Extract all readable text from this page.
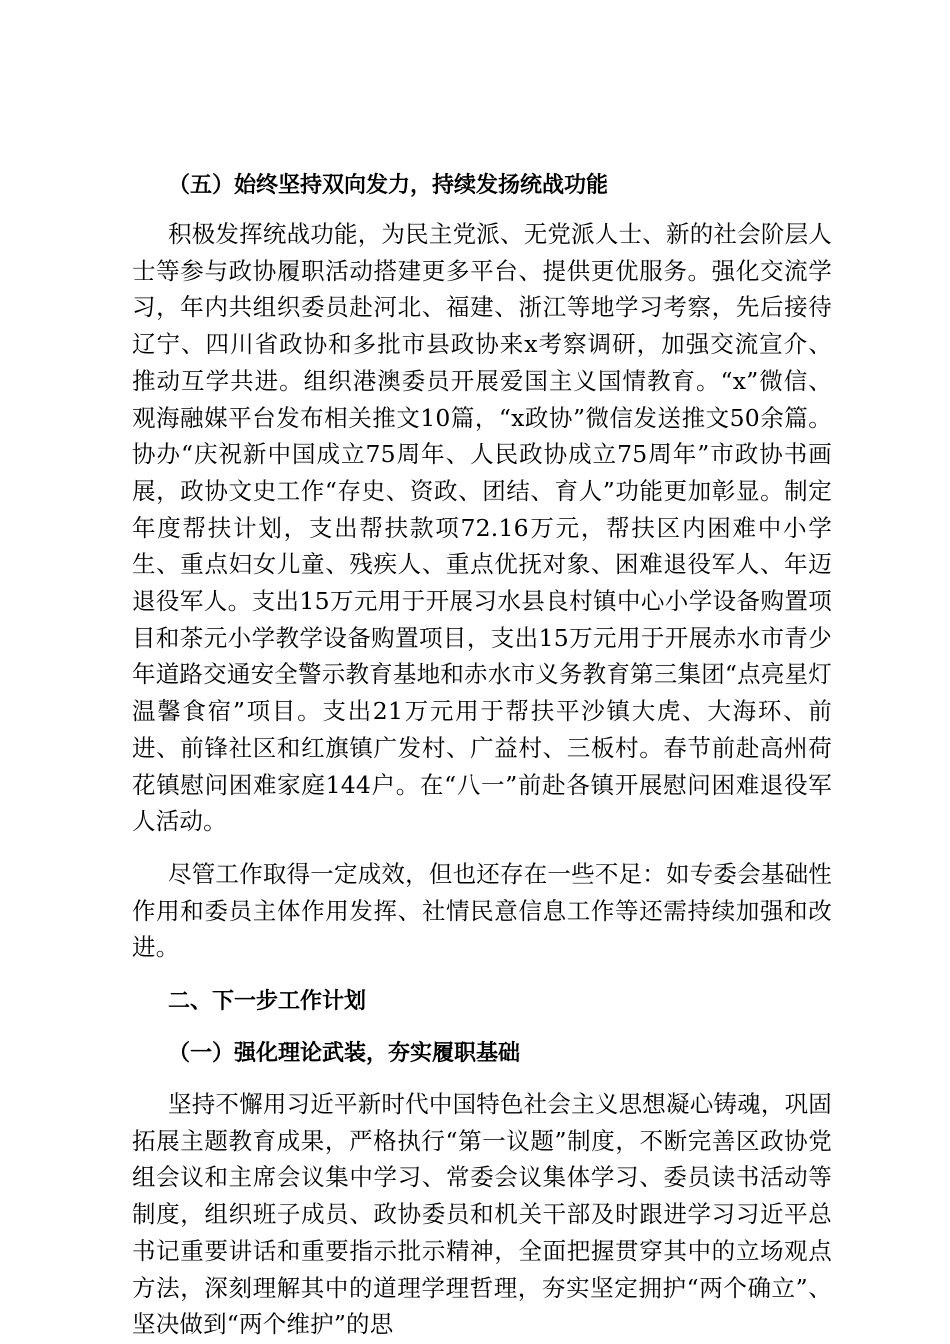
（五）始终坚持双向发力，持续发扬统战功能

积极发挥统战功能，为民主党派、无党派人士、新的社会阶层人士等参与政协履职活动搭建更多平台、提供更优服务。强化交流学习，年内共组织委员赴河北、福建、浙江等地学习考察，先后接待辽宁、四川省政协和多批市县政协来x考察调研，加强交流宣介、推动互学共进。组织港澳委员开展爱国主义国情教育。“x”微信、观海融媒平台发布相关推文10篇，“x政协”微信发送推文50余篇。协办“庆祝新中国成立75周年、人民政协成立75周年”市政协书画展，政协文史工作“存史、资政、团结、育人”功能更加彰显。制定年度帮扶计划，支出帮扶款项72.16万元，帮扶区内困难中小学生、重点妇女儿童、残疾人、重点优抚对象、困难退役军人、年迈退役军人。支出15万元用于开展习水县良村镇中心小学设备购置项目和茶元小学教学设备购置项目，支出15万元用于开展赤水市青少年道路交通安全警示教育基地和赤水市义务教育第三集团“点亮星灯温馨食宿”项目。支出21万元用于帮扶平沙镇大虎、大海环、前进、前锋社区和红旗镇广发村、广益村、三板村。春节前赴高州荷花镇慰问困难家庭144户。在“八一”前赴各镇开展慰问困难退役军人活动。

尽管工作取得一定成效，但也还存在一些不足：如专委会基础性作用和委员主体作用发挥、社情民意信息工作等还需持续加强和改进。

二、下一步工作计划

（一）强化理论武装，夯实履职基础

坚持不懈用习近平新时代中国特色社会主义思想凝心铸魂，巩固拓展主题教育成果，严格执行“第一议题”制度，不断完善区政协党组会议和主席会议集中学习、常委会议集体学习、委员读书活动等制度，组织班子成员、政协委员和机关干部及时跟进学习习近平总书记重要讲话和重要指示批示精神，全面把握贯穿其中的立场观点方法，深刻理解其中的道理学理哲理，夯实坚定拥护“两个确立”、坚决做到“两个维护”的思
